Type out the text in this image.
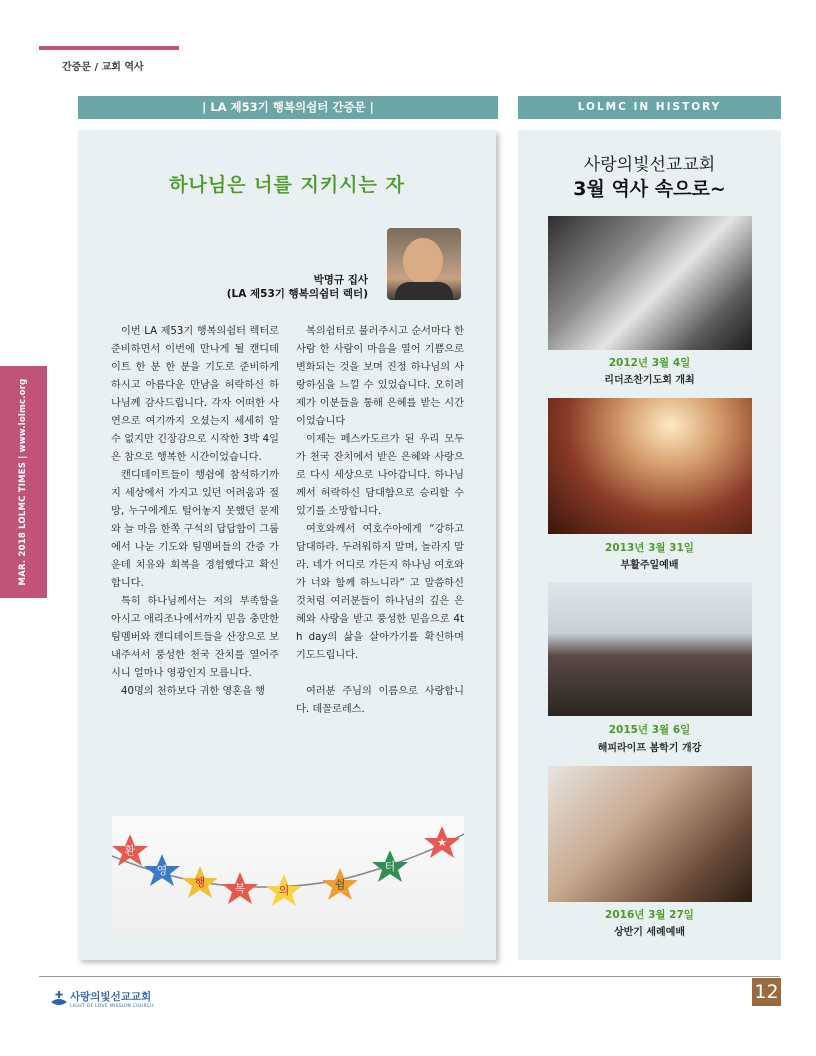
간증문 / 교회 역사
MAR. 2018 LOLMC TIMES | www.lolmc.org
| LA 제53기 행복의쉼터 간증문 |	LOLMC IN HISTORY
하나님은 너를 지키시는 자
박명규 집사
(LA 제53기 행복의쉼터 렉터)

이번 LA 제53기 행복의쉼터 렉터로 준비하면서 이번에 만나게 될 캔디데이트 한 분 한 분을 기도로 준비하게 하시고 아름다운 만남을 허락하신 하나님께 감사드립니다. 각자 어떠한 사연으로 여기까지 오셨는지 세세히 알 수 없지만 긴장감으로 시작한 3박 4일은 참으로 행복한 시간이었습니다.

캔디데이트들이 행쉼에 참석하기까지 세상에서 가지고 있던 어려움과 절망, 누구에게도 털어놓지 못했던 문제와 늘 마음 한쪽 구석의 답답함이 그룹에서 나눈 기도와 팀멤버들의 간증 가운데 치유와 회복을 경험했다고 확신합니다.

특히 하나님께서는 저의 부족함을 아시고 애리조나에서까지 믿음 충만한 팀멤버와 캔디데이트들을 산장으로 보내주셔서 풍성한 천국 잔치를 열어주시니 얼마나 영광인지 모릅니다.

40명의 천하보다 귀한 영혼을 행

복의쉼터로 불러주시고 순서마다 한 사람 한 사람이 마음을 열어 기쁨으로 변화되는 것을 보며 진정 하나님의 사랑하심을 느낄 수 있었습니다. 오히려 제가 이분들을 통해 은혜를 받는 시간이었습니다

이제는 페스카도르가 된 우리 모두가 천국 잔치에서 받은 은혜와 사랑으로 다시 세상으로 나아갑니다. 하나님께서 허락하신 담대함으로 승리할 수 있기를 소망합니다.

여호와께서 여호수아에게 “강하고 담대하라. 두려워하지 말며, 놀라지 말라. 네가 어디로 가든지 하나님 여호와가 너와 함께 하느니라” 고 말씀하신 것처럼 여러분들이 하나님의 깊은 은혜와 사랑을 받고 풍성한 믿음으로 4th day의 삶을 살아가기를 확신하며 기도드립니다.

여러분 주님의 이름으로 사랑합니다. 데꼴로레스.

환
영
행	복	의	쉼
터
★
사랑의빛선교교회
3월 역사 속으로~
2012년 3월 4일
리더조찬기도회 개최
2013년 3월 31일
부활주일예배
2015년 3월 6일
해피라이프 봄학기 개강
2016년 3월 27일
상반기 세례예배
사랑의빛선교교회
LIGHT OF LOVE MISSION CHURCH
12
